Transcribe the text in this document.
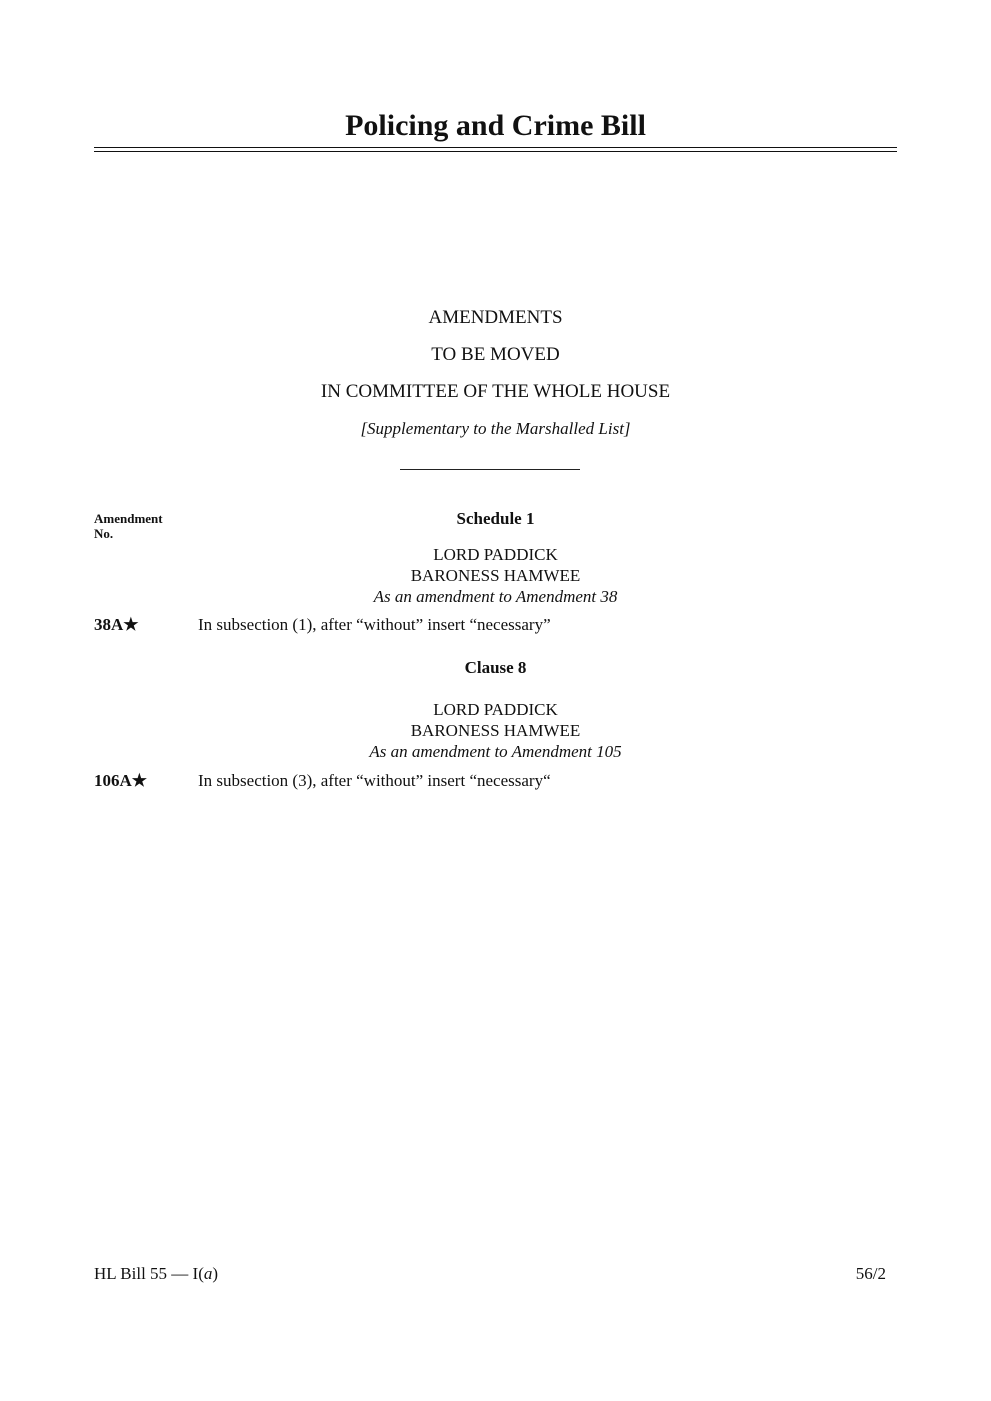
Policing and Crime Bill
AMENDMENTS
TO BE MOVED
IN COMMITTEE OF THE WHOLE HOUSE
[Supplementary to the Marshalled List]
Amendment
No.
Schedule 1
LORD PADDICK
BARONESS HAMWEE
As an amendment to Amendment 38
38A★	In subsection (1), after “without” insert “necessary”
Clause 8
LORD PADDICK
BARONESS HAMWEE
As an amendment to Amendment 105
106A★	In subsection (3), after “without” insert “necessary“
HL Bill 55 — I(a)	56/2
